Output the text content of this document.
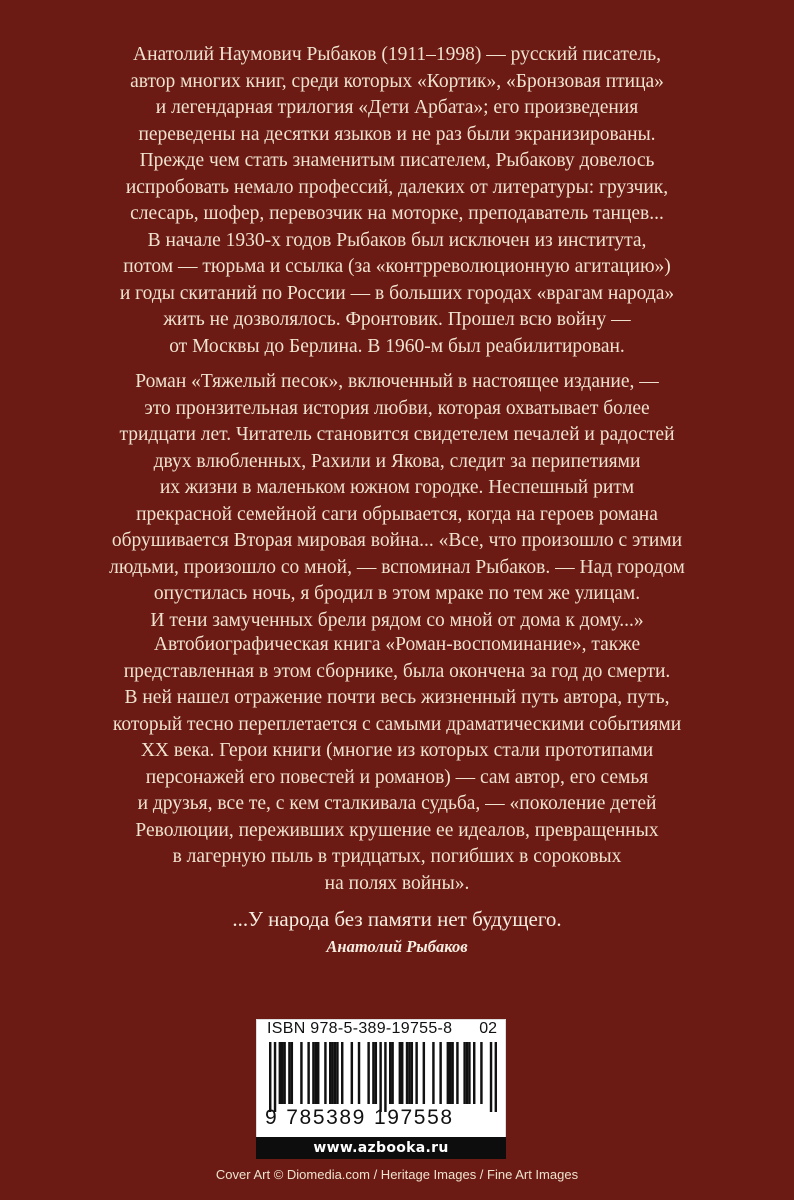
Анатолий Наумович Рыбаков (1911–1998) — русский писатель,
автор многих книг, среди которых «Кортик», «Бронзовая птица»
и легендарная трилогия «Дети Арбата»; его произведения
переведены на десятки языков и не раз были экранизированы.
Прежде чем стать знаменитым писателем, Рыбакову довелось
испробовать немало профессий, далеких от литературы: грузчик,
слесарь, шофер, перевозчик на моторке, преподаватель танцев...
В начале 1930-х годов Рыбаков был исключен из института,
потом — тюрьма и ссылка (за «контрреволюционную агитацию»)
и годы скитаний по России — в больших городах «врагам народа»
жить не дозволялось. Фронтовик. Прошел всю войну —
от Москвы до Берлина. В 1960-м был реабилитирован.
Роман «Тяжелый песок», включенный в настоящее издание, —
это пронзительная история любви, которая охватывает более
тридцати лет. Читатель становится свидетелем печалей и радостей
двух влюбленных, Рахили и Якова, следит за перипетиями
их жизни в маленьком южном городке. Неспешный ритм
прекрасной семейной саги обрывается, когда на героев романа
обрушивается Вторая мировая война... «Все, что произошло с этими
людьми, произошло со мной, — вспоминал Рыбаков. — Над городом
опустилась ночь, я бродил в этом мраке по тем же улицам.
И тени замученных брели рядом со мной от дома к дому...»
Автобиографическая книга «Роман-воспоминание», также
представленная в этом сборнике, была окончена за год до смерти.
В ней нашел отражение почти весь жизненный путь автора, путь,
который тесно переплетается с самыми драматическими событиями
XX века. Герои книги (многие из которых стали прототипами
персонажей его повестей и романов) — сам автор, его семья
и друзья, все те, с кем сталкивала судьба, — «поколение детей
Революции, переживших крушение ее идеалов, превращенных
в лагерную пыль в тридцатых, погибших в сороковых
на полях войны».
...У народа без памяти нет будущего.
Анатолий Рыбаков
ISBN 978-5-389-19755-8 02
9 785389 197558
www.azbooka.ru
Cover Art © Diomedia.com / Heritage Images / Fine Art Images
